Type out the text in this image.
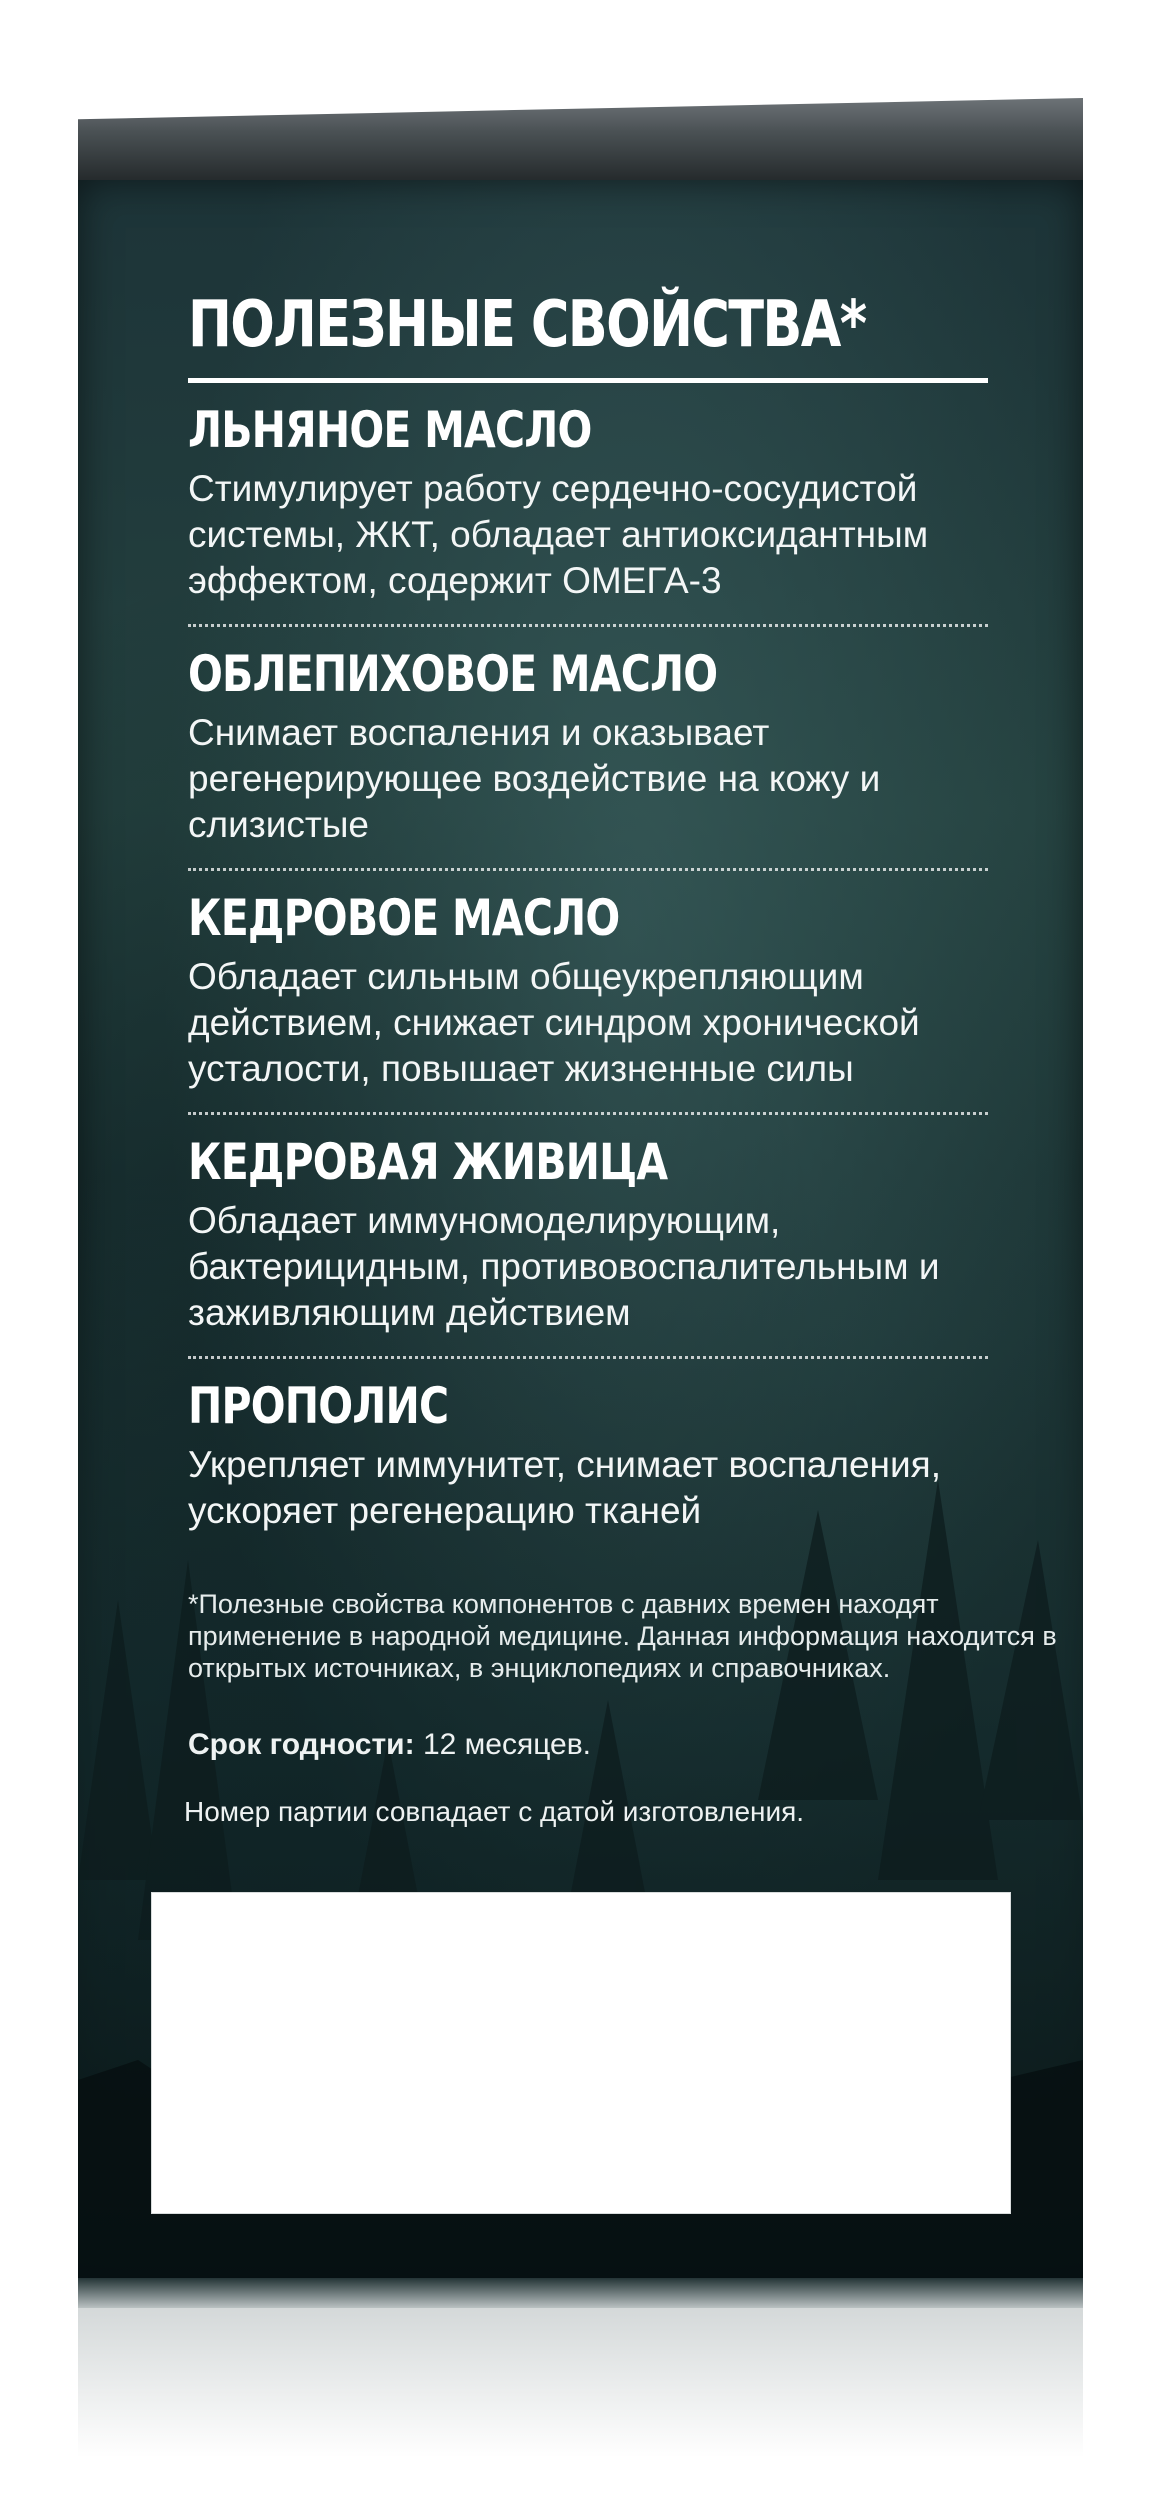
ПОЛЕЗНЫЕ СВОЙСТВА*
ЛЬНЯНОЕ МАСЛО

Стимулирует работу сердечно-сосудистой системы, ЖКТ, обладает антиоксидантным эффектом, содержит ОМЕГА-3

ОБЛЕПИХОВОЕ МАСЛО

Снимает воспаления и оказывает регенерирующее воздействие на кожу и слизистые

КЕДРОВОЕ МАСЛО

Обладает сильным общеукрепляющим действием, снижает синдром хронической усталости, повышает жизненные силы

КЕДРОВАЯ ЖИВИЦА

Обладает иммуномоделирующим, бактерицидным, противовоспалительным и заживляющим действием

ПРОПОЛИС

Укрепляет иммунитет, снимает воспаления, ускоряет регенерацию тканей

*Полезные свойства компонентов с давних времен находят применение в народной медицине. Данная информация находится в открытых источниках, в энциклопедиях и справочниках.
Срок годности: 12 месяцев.
Номер партии совпадает с датой изготовления.
